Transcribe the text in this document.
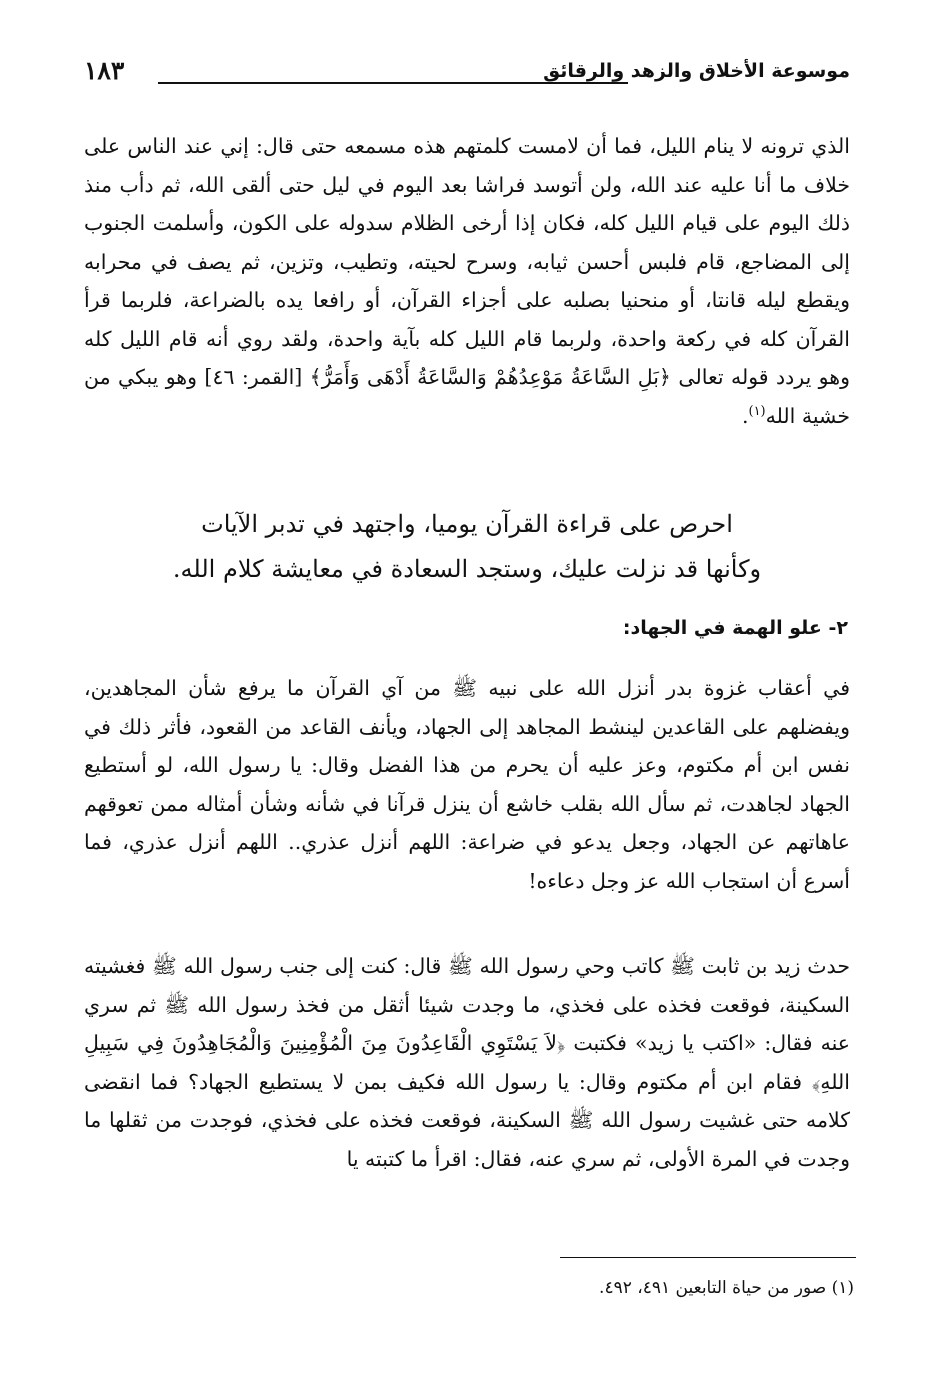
موسوعة الأخلاق والزهد والرقائق
١٨٣

الذي ترونه لا ينام الليل، فما أن لامست كلمتهم هذه مسمعه حتى قال: إني عند الناس على خلاف ما أنا عليه عند الله، ولن أتوسد فراشا بعد اليوم في ليل حتى ألقى الله، ثم دأب منذ ذلك اليوم على قيام الليل كله، فكان إذا أرخى الظلام سدوله على الكون، وأسلمت الجنوب إلى المضاجع، قام فلبس أحسن ثيابه، وسرح لحيته، وتطيب، وتزين، ثم يصف في محرابه ويقطع ليله قانتا، أو منحنيا بصلبه على أجزاء القرآن، أو رافعا يده بالضراعة، فلربما قرأ القرآن كله في ركعة واحدة، ولربما قام الليل كله بآية واحدة، ولقد روي أنه قام الليل كله وهو يردد قوله تعالى ﴿بَلِ السَّاعَةُ مَوْعِدُهُمْ وَالسَّاعَةُ أَدْهَى وَأَمَرُّ﴾ [القمر: ٤٦] وهو يبكي من خشية الله$^{(١)}$.

احرص على قراءة القرآن يوميا، واجتهد في تدبر الآيات
وكأنها قد نزلت عليك، وستجد السعادة في معايشة كلام الله.
٢- علو الهمة في الجهاد:

في أعقاب غزوة بدر أنزل الله على نبيه ﷺ من آي القرآن ما يرفع شأن المجاهدين، ويفضلهم على القاعدين لينشط المجاهد إلى الجهاد، ويأنف القاعد من القعود، فأثر ذلك في نفس ابن أم مكتوم، وعز عليه أن يحرم من هذا الفضل وقال: يا رسول الله، لو أستطيع الجهاد لجاهدت، ثم سأل الله بقلب خاشع أن ينزل قرآنا في شأنه وشأن أمثاله ممن تعوقهم عاهاتهم عن الجهاد، وجعل يدعو في ضراعة: اللهم أنزل عذري.. اللهم أنزل عذري، فما أسرع أن استجاب الله عز وجل دعاءه!

حدث زيد بن ثابت ﷺ كاتب وحي رسول الله ﷺ قال: كنت إلى جنب رسول الله ﷺ فغشيته السكينة، فوقعت فخذه على فخذي، ما وجدت شيئا أثقل من فخذ رسول الله ﷺ ثم سري عنه فقال: «اكتب يا زيد» فكتبت ﴿لاَ يَسْتَوِي الْقَاعِدُونَ مِنَ الْمُؤْمِنِينَ وَالْمُجَاهِدُونَ فِي سَبِيلِ اللهِ﴾ فقام ابن أم مكتوم وقال: يا رسول الله فكيف بمن لا يستطيع الجهاد؟ فما انقضى كلامه حتى غشيت رسول الله ﷺ السكينة، فوقعت فخذه على فخذي، فوجدت من ثقلها ما وجدت في المرة الأولى، ثم سري عنه، فقال: اقرأ ما كتبته يا

(١) صور من حياة التابعين ٤٩١، ٤٩٢.
